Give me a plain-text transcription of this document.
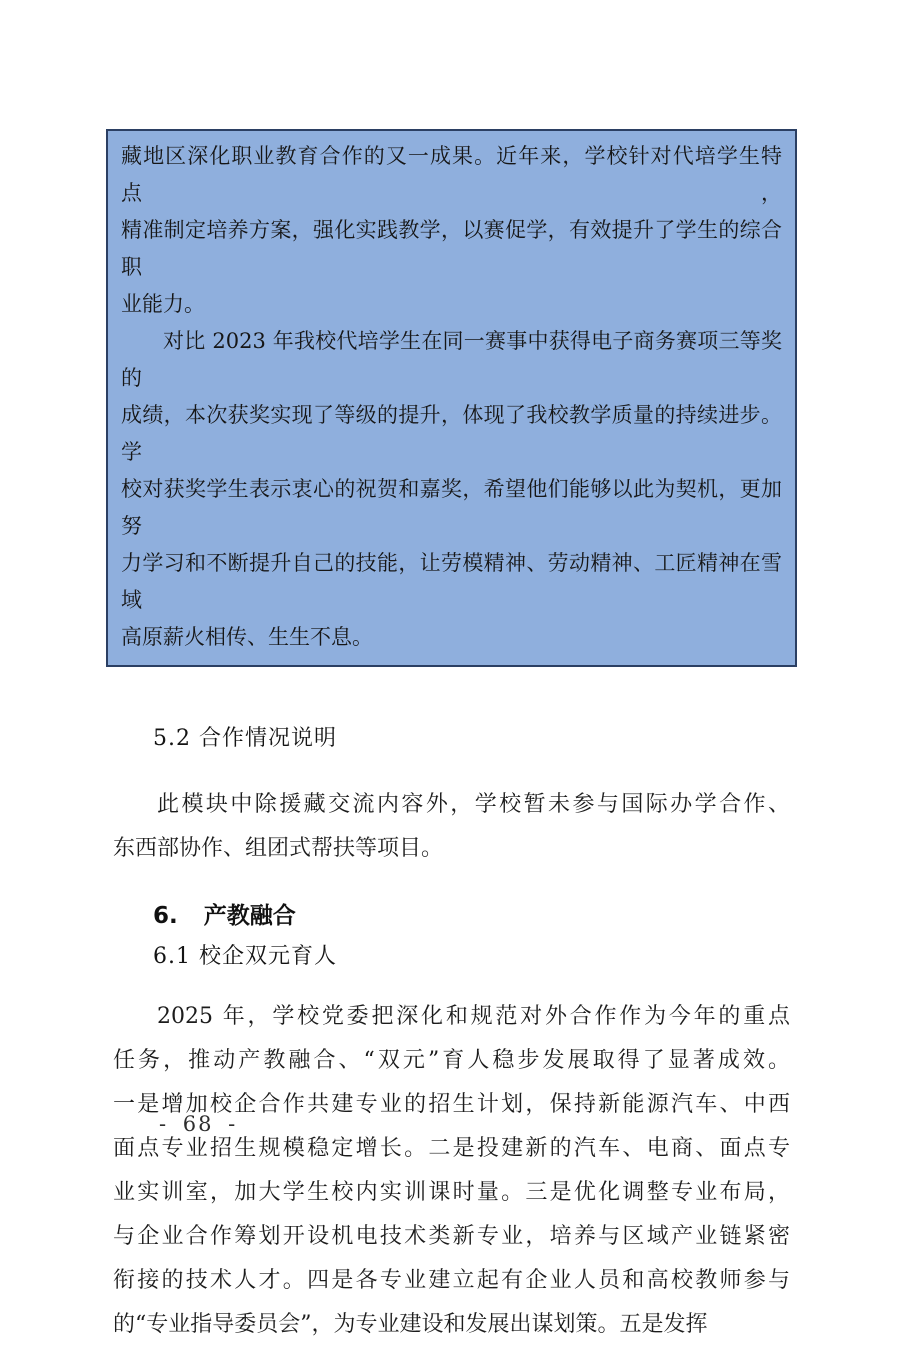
藏地区深化职业教育合作的又一成果。近年来，学校针对代培学生特点，
精准制定培养方案，强化实践教学，以赛促学，有效提升了学生的综合职
业能力。
对比 2023 年我校代培学生在同一赛事中获得电子商务赛项三等奖的
成绩，本次获奖实现了等级的提升，体现了我校教学质量的持续进步。学
校对获奖学生表示衷心的祝贺和嘉奖，希望他们能够以此为契机，更加努
力学习和不断提升自己的技能，让劳模精神、劳动精神、工匠精神在雪域
高原薪火相传、生生不息。
5.2 合作情况说明
此模块中除援藏交流内容外，学校暂未参与国际办学合作、
东西部协作、组团式帮扶等项目。
6. 产教融合
6.1 校企双元育人
2025 年，学校党委把深化和规范对外合作作为今年的重点
任务，推动产教融合、“双元”育人稳步发展取得了显著成效。
一是增加校企合作共建专业的招生计划，保持新能源汽车、中西
面点专业招生规模稳定增长。二是投建新的汽车、电商、面点专
业实训室，加大学生校内实训课时量。三是优化调整专业布局，
与企业合作筹划开设机电技术类新专业，培养与区域产业链紧密
衔接的技术人才。四是各专业建立起有企业人员和高校教师参与
的“专业指导委员会”，为专业建设和发展出谋划策。五是发挥
- 68 -
